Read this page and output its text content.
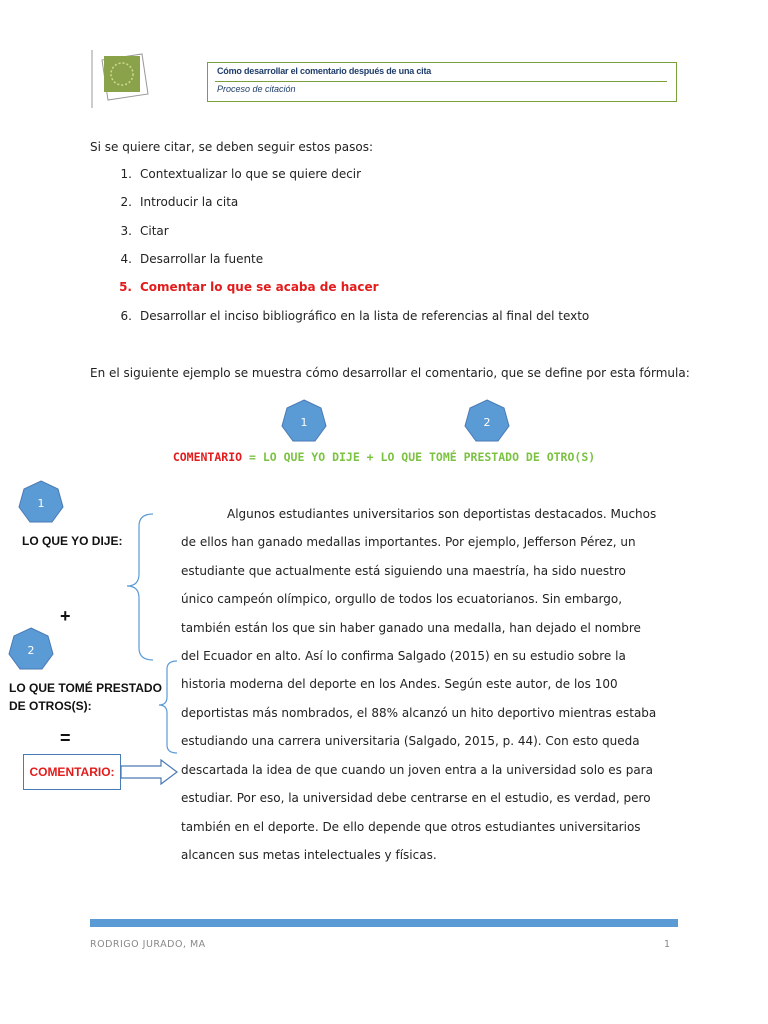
Cómo desarrollar el comentario después de una cita
Proceso de citación
Si se quiere citar, se deben seguir estos pasos:
1. Contextualizar lo que se quiere decir
2. Introducir la cita
3. Citar
4. Desarrollar la fuente
5. Comentar lo que se acaba de hacer
6. Desarrollar el inciso bibliográfico en la lista de referencias al final del texto
En el siguiente ejemplo se muestra cómo desarrollar el comentario, que se define por esta fórmula:
1	2
COMENTARIO = LO QUE YO DIJE + LO QUE TOMÉ PRESTADO DE OTRO(S)
1
LO QUE YO DIJE:
+
2
LO QUE TOMÉ PRESTADO
DE OTROS(S):
=
COMENTARIO:
Algunos estudiantes universitarios son deportistas destacados. Muchos
de ellos han ganado medallas importantes. Por ejemplo, Jefferson Pérez, un
estudiante que actualmente está siguiendo una maestría, ha sido nuestro
único campeón olímpico, orgullo de todos los ecuatorianos. Sin embargo,
también están los que sin haber ganado una medalla, han dejado el nombre
del Ecuador en alto. Así lo confirma Salgado (2015) en su estudio sobre la
historia moderna del deporte en los Andes. Según este autor, de los 100
deportistas más nombrados, el 88% alcanzó un hito deportivo mientras estaba
estudiando una carrera universitaria (Salgado, 2015, p. 44). Con esto queda
descartada la idea de que cuando un joven entra a la universidad solo es para
estudiar. Por eso, la universidad debe centrarse en el estudio, es verdad, pero
también en el deporte. De ello depende que otros estudiantes universitarios
alcancen sus metas intelectuales y físicas.
RODRIGO JURADO, MA	1
